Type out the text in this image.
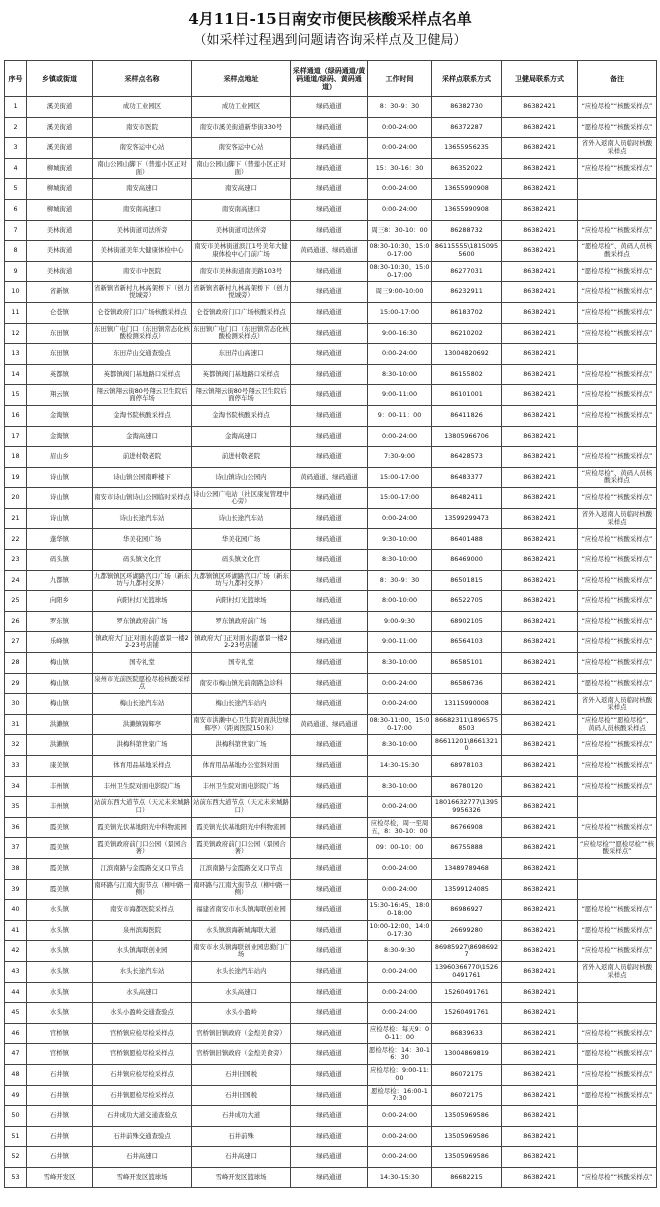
4月11日-15日南安市便民核酸采样点名单
（如采样过程遇到问题请咨询采样点及卫健局）
序号	乡镇或街道	采样点名称	采样点地址	采样通道（绿码通道/黄码通道/绿码、黄码通道）	工作时间	采样点联系方式	卫健局联系方式	备注
1	溪美街道	成功工业园区	成功工业园区	绿码通道	8：30-9：30	86382730	86382421	“应检尽检”“核酸采样点”
2	溪美街道	南安市医院	南安市溪美街道新华街330号	绿码通道	0:00-24:00	86372287	86382421	“愿检尽检”“核酸采样点”
3	溪美街道	南安客运中心站	南安客运中心站	绿码通道	0:00-24:00	13655956235	86382421	省外入返南人员临时核酸采样点
4	柳城街道	南山公园山脚下（普莲小区正对面）	南山公园山脚下（普莲小区正对面）	绿码通道	15：30-16：30	86352022	86382421	“应检尽检”“核酸采样点”
5	柳城街道	南安高速口	南安高速口	绿码通道	0:00-24:00	13655990908	86382421	
6	柳城街道	南安南高速口	南安南高速口	绿码通道	0:00-24:00	13655990908	86382421	
7	美林街道	美林街道司法所旁	美林街道司法所旁	绿码通道	周三8：30-10：00	86288732	86382421	“应检尽检”“核酸采样点”
8	美林街道	美林街道美年大健康体检中心	南安市美林街道滨江1号美年大健康体检中心门前广场	黄码通道、绿码通道	08:30-10:30、15:00-17:00	86115555\18150955600	86382421	“愿检尽检”、黄码人员核酸采样点
9	美林街道	南安市中医院	南安市美林街道南美路103号	绿码通道	08:30-10:30、15:00-17:00	86277031	86382421	“愿检尽检”“核酸采样点”
10	省新镇	省新镇省新村九林高架桥下（创力悦城旁）	省新镇省新村九林高架桥下（创力悦城旁）	绿码通道	周三9:00-10:00	86232911	86382421	“应检尽检”“核酸采样点”
11	仑苍镇	仑苍镇政府门口广场核酸采样点	仑苍镇政府门口广场核酸采样点	绿码通道	15:00-17:00	86183702	86382421	“应检尽检”“核酸采样点”
12	东田镇	东田镇广电门口（东田镇常态化核酸检测采样点）	东田镇广电门口（东田镇常态化核酸检测采样点）	绿码通道	9:00-16:30	86210202	86382421	“应检尽检”“核酸采样点”
13	东田镇	东田芹山交通查验点	东田芹山高速口	绿码通道	0:00-24:00	13004820692	86382421	
14	英都镇	英都镇阀门基地路口采样点	英都镇阀门基地路口采样点	绿码通道	8:30-10:00	86155802	86382421	“应检尽检”“核酸采样点”
15	翔云镇	翔云镇翔云街80号翔云卫生院后面停车场	翔云镇翔云街80号翔云卫生院后面停车场	绿码通道	9:00-11:00	86101001	86382421	“应检尽检”“核酸采样点”
16	金淘镇	金淘书院核酸采样点	金淘书院核酸采样点	绿码通道	9：00-11：00	86411826	86382421	“应检尽检”“核酸采样点”
17	金淘镇	金淘高速口	金淘高速口	绿码通道	0:00-24:00	13805966706	86382421	
18	眉山乡	前进村敬老院	前进村敬老院	绿码通道	7:30-9:00	86428573	86382421	“应检尽检”“核酸采样点”
19	诗山镇	诗山镇公园南畔楼下	诗山镇诗山公园内	黄码通道、绿码通道	15:00-17:00	86483377	86382421	“应检尽检”、黄码人员核酸采样点
20	诗山镇	南安市诗山镇诗山公园临时采样点	诗山公园广电站（社区康复管理中心旁）	绿码通道	15:00-17:00	86482411	86382421	“应检尽检”“核酸采样点”
21	诗山镇	诗山长途汽车站	诗山长途汽车站	绿码通道	0:00-24:00	13599299473	86382421	省外入返南人员临时核酸采样点
22	蓬华镇	华美花园广场	华美花园广场	绿码通道	9:30-10:00	86401488	86382421	“应检尽检”“核酸采样点”
23	码头镇	码头镇文化宫	码头镇文化宫	绿码通道	8:30-10:00	86469000	86382421	“应检尽检”“核酸采样点”
24	九都镇	九都镇镇区环湖路宫口广场（新东坊与九都村交界）	九都镇镇区环湖路宫口广场（新东坊与九都村交界）	绿码通道	8：30-9：30	86501815	86382421	“应检尽检”“核酸采样点”
25	向阳乡	向阳村灯光篮球场	向阳村灯光篮球场	绿码通道	8:00-10:00	86522705	86382421	“应检尽检”“核酸采样点”
26	罗东镇	罗东镇政府前广场	罗东镇政府前广场	绿码通道	9:00-9:30	68902105	86382421	“应检尽检”“核酸采样点”
27	乐峰镇	镇政府大门正对面水韵嘉景一楼22-23号店铺	镇政府大门正对面水韵嘉景一楼22-23号店铺	绿码通道	9:00-11:00	86564103	86382421	“应检尽检”“核酸采样点”
28	梅山镇	国专礼堂	国专礼堂	绿码通道	8:30-10:00	86585101	86382421	“应检尽检”“核酸采样点”
29	梅山镇	泉州市光前医院愿检尽检核酸采样点	南安市梅山镇光前南路急诊科	绿码通道	0:00-24:00	86586736	86382421	“愿检尽检”“核酸采样点”
30	梅山镇	梅山长途汽车站	梅山长途汽车站内	绿码通道	0:00-24:00	13115990008	86382421	省外入返南人员临时核酸采样点
31	洪濑镇	洪濑镇锦辉亭	南安市洪濑中心卫生院对面洪边绿辉亭）（距离医院150米）	黄码通道、绿码通道	08:30-11:00、15:00-17:00	86682311\18965758503	86382421	“应检尽检”“愿检尽检”、黄码人员核酸采样点
32	洪濑镇	洪梅科第世家广场	洪梅科第世家广场	绿码通道	8:30-10:00	86611201\86613210	86382421	“应检尽检”“核酸采样点”
33	康美镇	体育用品基地采样点	体育用品基地办公室斜对面	绿码通道	14:30-15:30	68978103	86382421	“应检尽检”“核酸采样点”
34	丰州镇	丰州卫生院对面电影院广场	丰州卫生院对面电影院广场	绿码通道	8:30-10:00	86780120	86382421	“应检尽检”“核酸采样点”
35	丰州镇	站前东西大道节点（天元未来城路口）	站前东西大道节点（天元未来城路口）	绿码通道	0:00-24:00	18016632777\13959956326	86382421	
36	霞美镇	霞美镇光伏基地阳光中科物流园	霞美镇光伏基地阳光中科物流园	绿码通道	应检尽检，周一至周五，8：30-10：00	86766908	86382421	“应检尽检”“核酸采样点”
37	霞美镇	霞美镇政府前门口公园（景园合著）	霞美镇政府前门口公园（景园合著）	绿码通道	09：00-10：00	86755888	86382421	“应检尽检”“愿检尽检”“核酸采样点”
38	霞美镇	江滨南路与金霞路交叉口节点	江滨南路与金霞路交叉口节点	绿码通道	0:00-24:00	13489789468	86382421	
39	霞美镇	南环路与江南大街节点（柳中路一侧）	南环路与江南大街节点（柳中路一侧）	绿码通道	0:00-24:00	13599124085	86382421	
40	水头镇	南安市海都医院采样点	福建省南安市水头镇海联创业园	绿码通道	15:30-16:45、18:00-18:00	86986927	86382421	“愿检尽检”“核酸采样点”
41	水头镇	泉州滨海医院	水头镇滨海新城海联大道	绿码通道	10:00-12:00、14:00-17:30	26699280	86382421	“愿检尽检”“核酸采样点”
42	水头镇	水头镇海联创业园	南安市水头镇海联创业园忠勤门广场	绿码通道	8:30-9:30	86985927\86986927	86382421	“应检尽检”“核酸采样点”
43	水头镇	水头长途汽车站	水头长途汽车站内	绿码通道	0:00-24:00	13960366770\15260491761	86382421	省外入返南人员临时核酸采样点
44	水头镇	水头高速口	水头高速口	绿码通道	0:00-24:00	15260491761	86382421	
45	水头镇	水头小盈岭交通查验点	水头小盈岭	绿码通道	0:00-24:00	15260491761	86382421	
46	官桥镇	官桥镇应检尽检采样点	官桥镇旧镇政府（金煌美食旁）	绿码通道	应检尽检：每天9：00-11：00	86839633	86382421	“应检尽检”“核酸采样点”
47	官桥镇	官桥镇愿检尽检采样点	官桥镇旧镇政府（金煌美食旁）	绿码通道	愿检尽检：14：30-16：30	13004869819	86382421	“愿检尽检”“核酸采样点”
48	石井镇	石井镇应检尽检采样点	石井旧国税	绿码通道	应检尽检：9:00-11:00	86072175	86382421	“应检尽检”“核酸采样点”
49	石井镇	石井镇愿检尽检采样点	石井旧国税	绿码通道	愿检尽检：16:00-17:30	86072175	86382421	“愿检尽检”“核酸采样点”
50	石井镇	石井成功大道交通查验点	石井成功大道	绿码通道	0:00-24:00	13505969586	86382421	
51	石井镇	石井前殊交通查验点	石井前殊	绿码通道	0:00-24:00	13505969586	86382421	
52	石井镇	石井高速口	石井高速口	绿码通道	0:00-24:00	13505969586	86382421	
53	雪峰开发区	雪峰开发区篮球场	雪峰开发区篮球场	绿码通道	14:30-15:30	86682215	86382421	“应检尽检”“核酸采样点”
